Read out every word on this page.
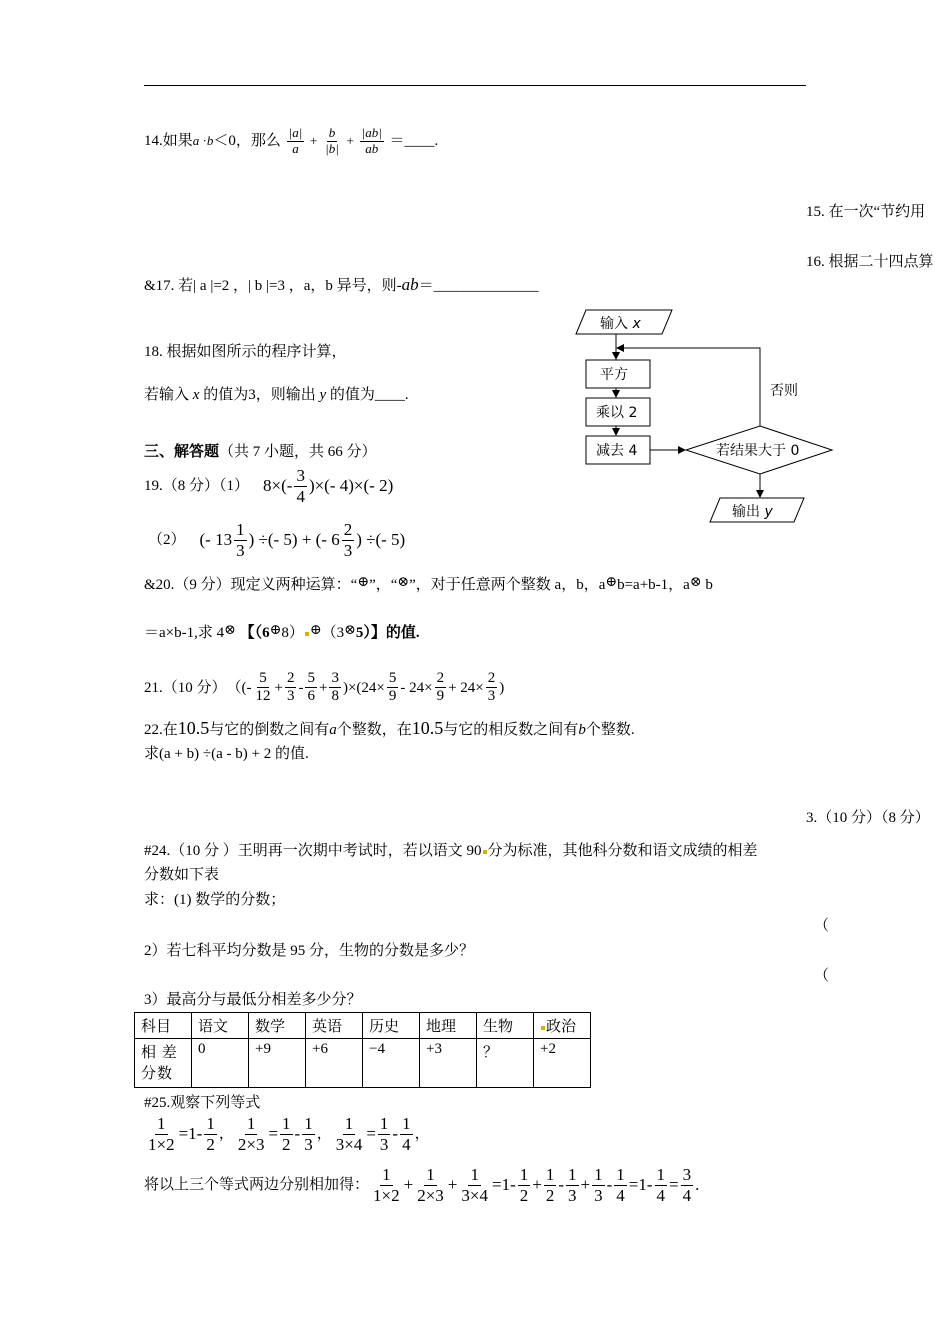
14.如果a ·b＜0，那么 $\frac{|a|}{a} + \frac{b}{|b|} + \frac{|ab|}{ab}$ ＝____.
15. 在一次“节约用
16. 根据二十四点算
&17. 若| a |=2 ，| b |=3 ，a，b 异号，则-ab＝______________
18. 根据如图所示的程序计算，
若输入 x 的值为3，则输出 y 的值为____.
输入 x
平方
乘以 2
减去 4	若结果大于 0
否则
输出 y
三、解答题（共 7 小题，共 66 分）
19.（8 分）（1） $8\times(- \frac{3}{4}$ )×(- 4)×(- 2)
（2） (- $13 \frac{1}{3}$ ) ÷(- 5) + (- $6 \frac{2}{3}$ ) ÷(- 5)
&20.（9 分）现定义两种运算：“⊕”，“⊗”，对于任意两个整数 a，b，a⊕b=a+b-1，a⊗ b
＝a×b-1,求 4⊗ 【（6⊕8） ⊕（3⊗5）】的值.
21.（10 分） （(- $\frac{5}{12} + \frac{2}{3} - \frac{5}{6} + \frac{3}{8} )\times(24\times \frac{5}{9} - 24\times \frac{2}{9} + 24\times \frac{2}{3}$ )
22.在10.5与它的倒数之间有a个整数，在10.5与它的相反数之间有b个整数.
求(a + b) ÷(a - b) + 2 的值.
3.（10 分）（8 分）
#24.（10 分 ）王明再一次期中考试时，若以语文 90 分为标准，其他科分数和语文成绩的相差
分数如下表
求：(1) 数学的分数；
（
2）若七科平均分数是 95 分，生物的分数是多少？
（
3）最高分与最低分相差多少分？
科目	语文	数学	英语	历史	地理	生物	政治
相 差 分数	0	+9	+6	−4	+3	？	+2
#25.观察下列等式
$\frac{1}{1\times 2} =1- \frac{1}{2}$ ， $\frac{1}{2\times 3} = \frac{1}{2} - \frac{1}{3}$ ， $\frac{1}{3\times 4} = \frac{1}{3} - \frac{1}{4}$ ，
将以上三个等式两边分别相加得： $\frac{1}{1\times 2} + \frac{1}{2\times 3} + \frac{1}{3\times 4} =1- \frac{1}{2} + \frac{1}{2} - \frac{1}{3} + \frac{1}{3} - \frac{1}{4} =1- \frac{1}{4} = \frac{3}{4}$ .
